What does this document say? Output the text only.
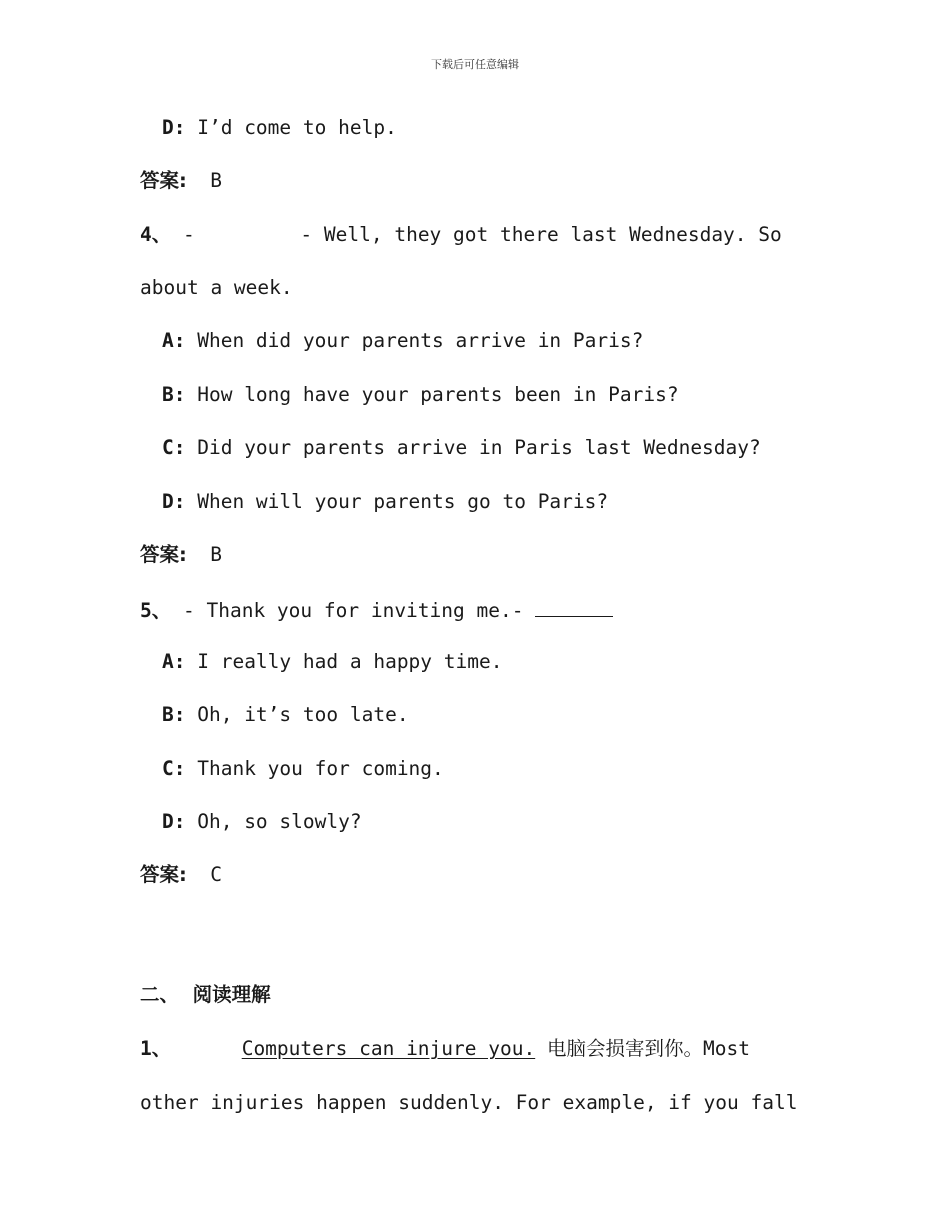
下载后可任意编辑
D: I’d come to help.
答案: B
4、 -	- Well, they got there last Wednesday. So
about a week.
A: When did your parents arrive in Paris?
B: How long have your parents been in Paris?
C: Did your parents arrive in Paris last Wednesday?
D: When will your parents go to Paris?
答案: B
5、 - Thank you for inviting me.-
A: I really had a happy time.
B: Oh, it’s too late.
C: Thank you for coming.
D: Oh, so slowly?
答案: C
二、 阅读理解
1、	Computers can injure you. 电脑会损害到你。Most
other injuries happen suddenly. For example, if you fall
